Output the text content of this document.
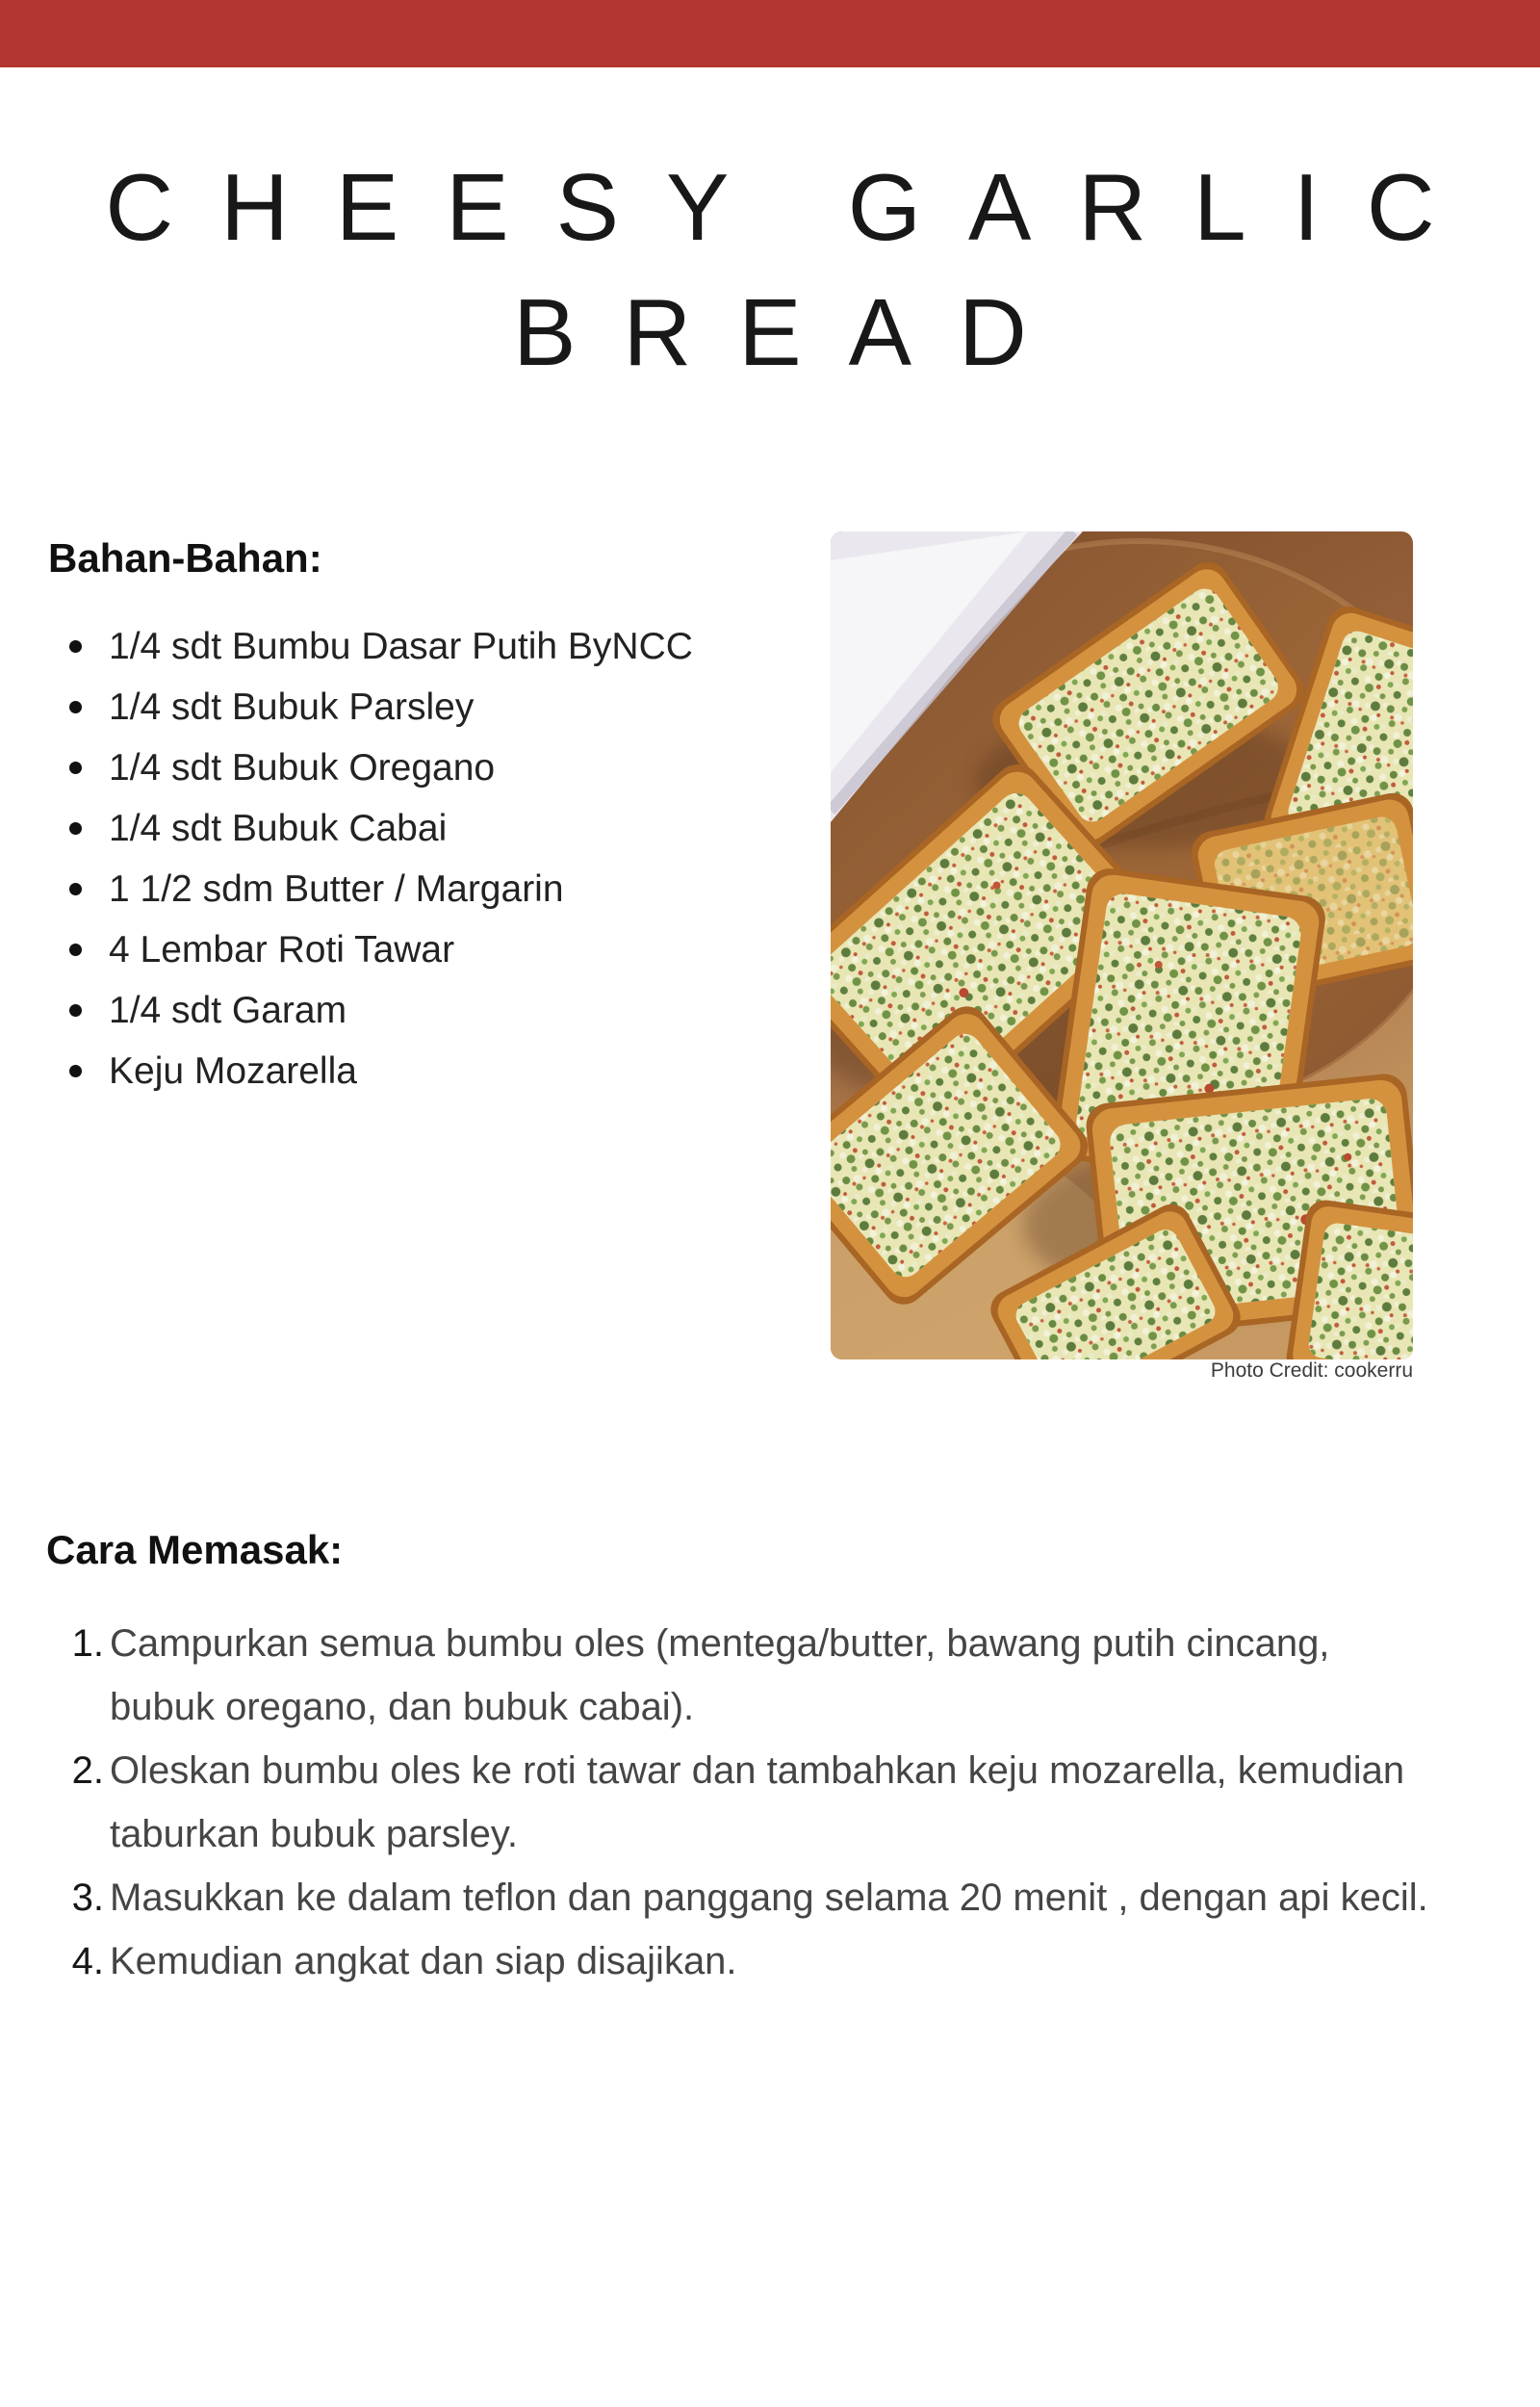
CHEESY GARLIC
BREAD
Bahan-Bahan:
1/4 sdt Bumbu Dasar Putih ByNCC
1/4 sdt Bubuk Parsley
1/4 sdt Bubuk Oregano
1/4 sdt Bubuk Cabai
1 1/2 sdm Butter / Margarin
4 Lembar Roti Tawar
1/4 sdt Garam
Keju Mozarella
Photo Credit: cookerru
Cara Memasak:
1. Campurkan semua bumbu oles (mentega/butter, bawang putih cincang,
bubuk oregano, dan bubuk cabai).
2. Oleskan bumbu oles ke roti tawar dan tambahkan keju mozarella, kemudian
taburkan bubuk parsley.
3. Masukkan ke dalam teflon dan panggang selama 20 menit , dengan api kecil.
4. Kemudian angkat dan siap disajikan.
